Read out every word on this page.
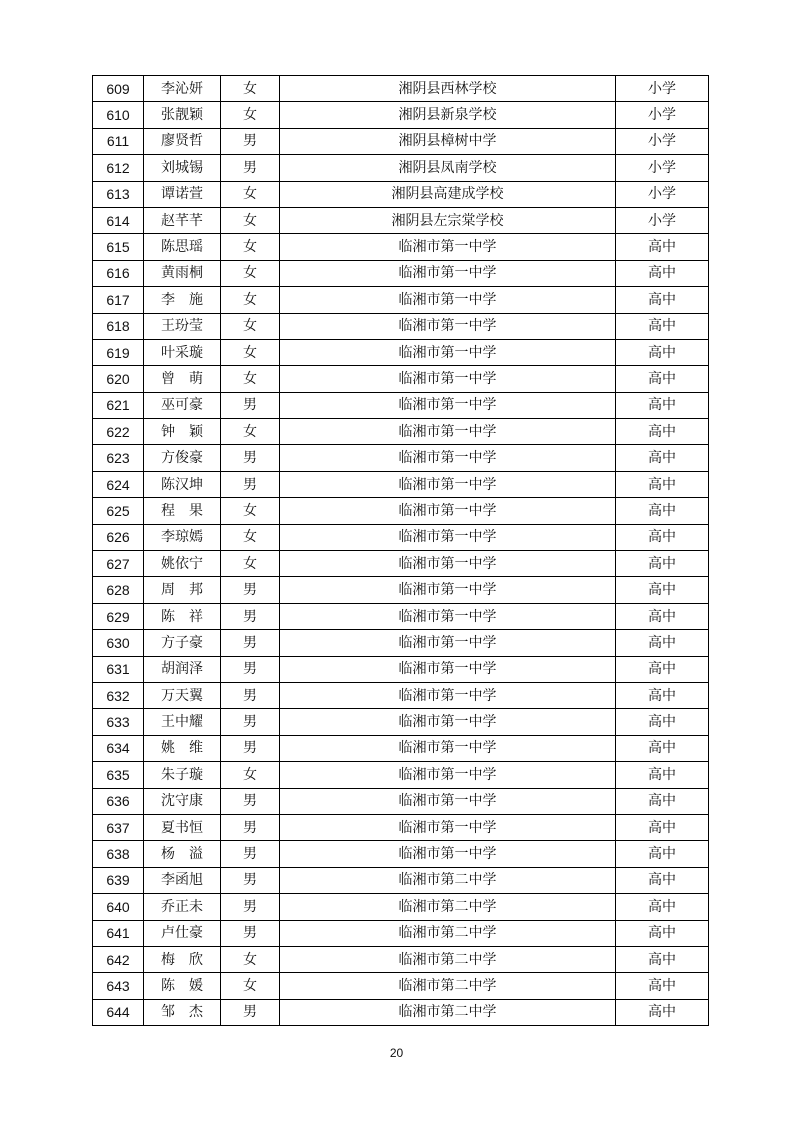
609	李沁妍	女	湘阴县西林学校	小学
610	张靓颖	女	湘阴县新泉学校	小学
611	廖贤哲	男	湘阴县樟树中学	小学
612	刘城锡	男	湘阴县凤南学校	小学
613	谭诺萱	女	湘阴县高建成学校	小学
614	赵芊芊	女	湘阴县左宗棠学校	小学
615	陈思瑶	女	临湘市第一中学	高中
616	黄雨桐	女	临湘市第一中学	高中
617	李　施	女	临湘市第一中学	高中
618	王玢莹	女	临湘市第一中学	高中
619	叶采璇	女	临湘市第一中学	高中
620	曾　萌	女	临湘市第一中学	高中
621	巫可豪	男	临湘市第一中学	高中
622	钟　颖	女	临湘市第一中学	高中
623	方俊豪	男	临湘市第一中学	高中
624	陈汉坤	男	临湘市第一中学	高中
625	程　果	女	临湘市第一中学	高中
626	李琼嫣	女	临湘市第一中学	高中
627	姚依宁	女	临湘市第一中学	高中
628	周　邦	男	临湘市第一中学	高中
629	陈　祥	男	临湘市第一中学	高中
630	方子豪	男	临湘市第一中学	高中
631	胡润泽	男	临湘市第一中学	高中
632	万天翼	男	临湘市第一中学	高中
633	王中耀	男	临湘市第一中学	高中
634	姚　维	男	临湘市第一中学	高中
635	朱子璇	女	临湘市第一中学	高中
636	沈守康	男	临湘市第一中学	高中
637	夏书恒	男	临湘市第一中学	高中
638	杨　溢	男	临湘市第一中学	高中
639	李函旭	男	临湘市第二中学	高中
640	乔正未	男	临湘市第二中学	高中
641	卢仕豪	男	临湘市第二中学	高中
642	梅　欣	女	临湘市第二中学	高中
643	陈　媛	女	临湘市第二中学	高中
644	邹　杰	男	临湘市第二中学	高中
20
